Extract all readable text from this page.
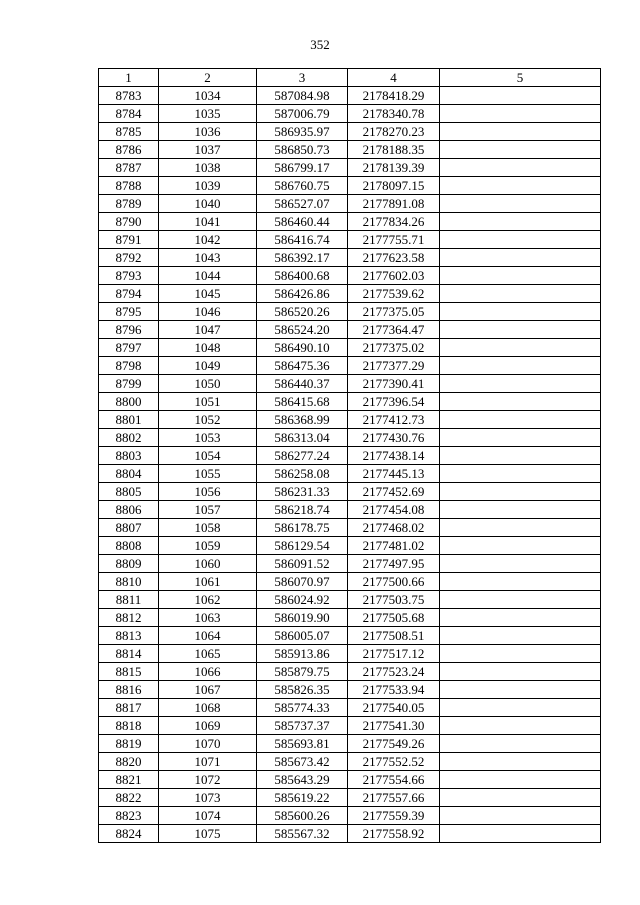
352
1	2	3	4	5
8783	1034	587084.98	2178418.29	
8784	1035	587006.79	2178340.78	
8785	1036	586935.97	2178270.23	
8786	1037	586850.73	2178188.35	
8787	1038	586799.17	2178139.39	
8788	1039	586760.75	2178097.15	
8789	1040	586527.07	2177891.08	
8790	1041	586460.44	2177834.26	
8791	1042	586416.74	2177755.71	
8792	1043	586392.17	2177623.58	
8793	1044	586400.68	2177602.03	
8794	1045	586426.86	2177539.62	
8795	1046	586520.26	2177375.05	
8796	1047	586524.20	2177364.47	
8797	1048	586490.10	2177375.02	
8798	1049	586475.36	2177377.29	
8799	1050	586440.37	2177390.41	
8800	1051	586415.68	2177396.54	
8801	1052	586368.99	2177412.73	
8802	1053	586313.04	2177430.76	
8803	1054	586277.24	2177438.14	
8804	1055	586258.08	2177445.13	
8805	1056	586231.33	2177452.69	
8806	1057	586218.74	2177454.08	
8807	1058	586178.75	2177468.02	
8808	1059	586129.54	2177481.02	
8809	1060	586091.52	2177497.95	
8810	1061	586070.97	2177500.66	
8811	1062	586024.92	2177503.75	
8812	1063	586019.90	2177505.68	
8813	1064	586005.07	2177508.51	
8814	1065	585913.86	2177517.12	
8815	1066	585879.75	2177523.24	
8816	1067	585826.35	2177533.94	
8817	1068	585774.33	2177540.05	
8818	1069	585737.37	2177541.30	
8819	1070	585693.81	2177549.26	
8820	1071	585673.42	2177552.52	
8821	1072	585643.29	2177554.66	
8822	1073	585619.22	2177557.66	
8823	1074	585600.26	2177559.39	
8824	1075	585567.32	2177558.92	
